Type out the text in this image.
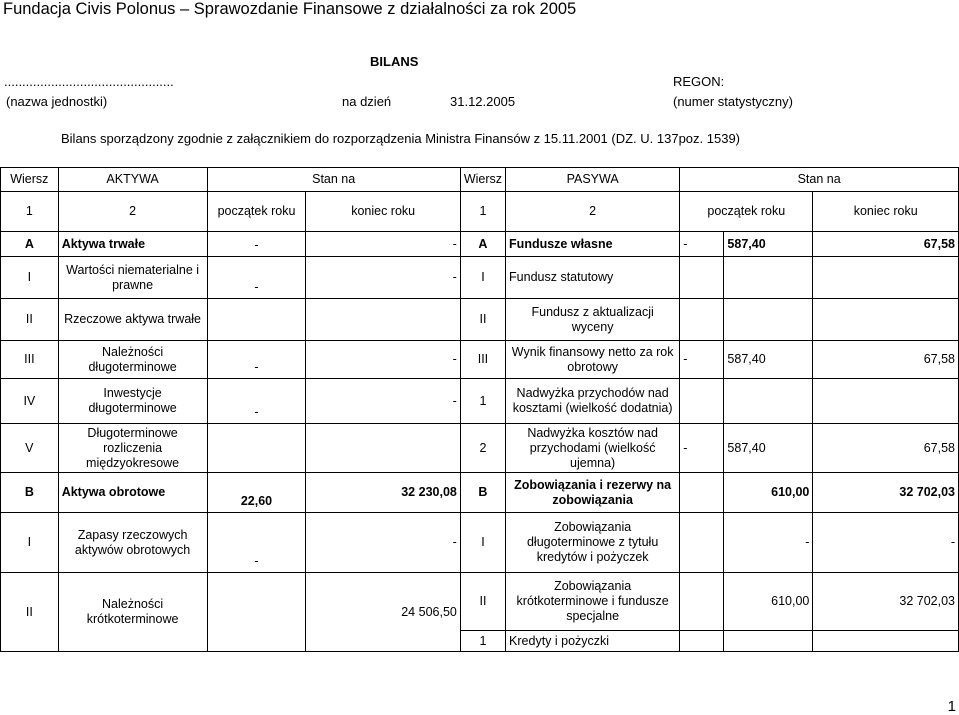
Fundacja Civis Polonus – Sprawozdanie Finansowe z działalności za rok 2005
BILANS
...............................................	REGON:
(nazwa jednostki)	na dzień	31.12.2005	(numer statystyczny)
Bilans sporządzony zgodnie z załącznikiem do rozporządzenia Ministra Finansów z 15.11.2001 (DZ. U. 137poz. 1539)
Wiersz	AKTYWA	Stan na		Wiersz	PASYWA	Stan na		
1	2	początek roku	koniec roku	1	2	początek roku		koniec roku
A	Aktywa trwałe	-	-	A	Fundusze własne	-	587,40	67,58
I	Wartości niematerialne i prawne	-	-	I	Fundusz statutowy			
II	Rzeczowe aktywa trwałe			II	Fundusz z aktualizacji wyceny			
III	Należności długoterminowe	-	-	III	Wynik finansowy netto za rok obrotowy	-	587,40	67,58
IV	Inwestycje długoterminowe	-	-	1	Nadwyżka przychodów nad kosztami (wielkość dodatnia)			
V	Długoterminowe rozliczenia międzyokresowe			2	Nadwyżka kosztów nad przychodami (wielkość ujemna)	-	587,40	67,58
B	Aktywa obrotowe	22,60	32 230,08	B	Zobowiązania i rezerwy na zobowiązania		610,00	32 702,03
I	Zapasy rzeczowych aktywów obrotowych	-	-	I	Zobowiązania długoterminowe z tytułu kredytów i pożyczek		-	-
II	Należności krótkoterminowe		24 506,50	II	Zobowiązania krótkoterminowe i fundusze specjalne		610,00	32 702,03
				1	Kredyty i pożyczki			
1
